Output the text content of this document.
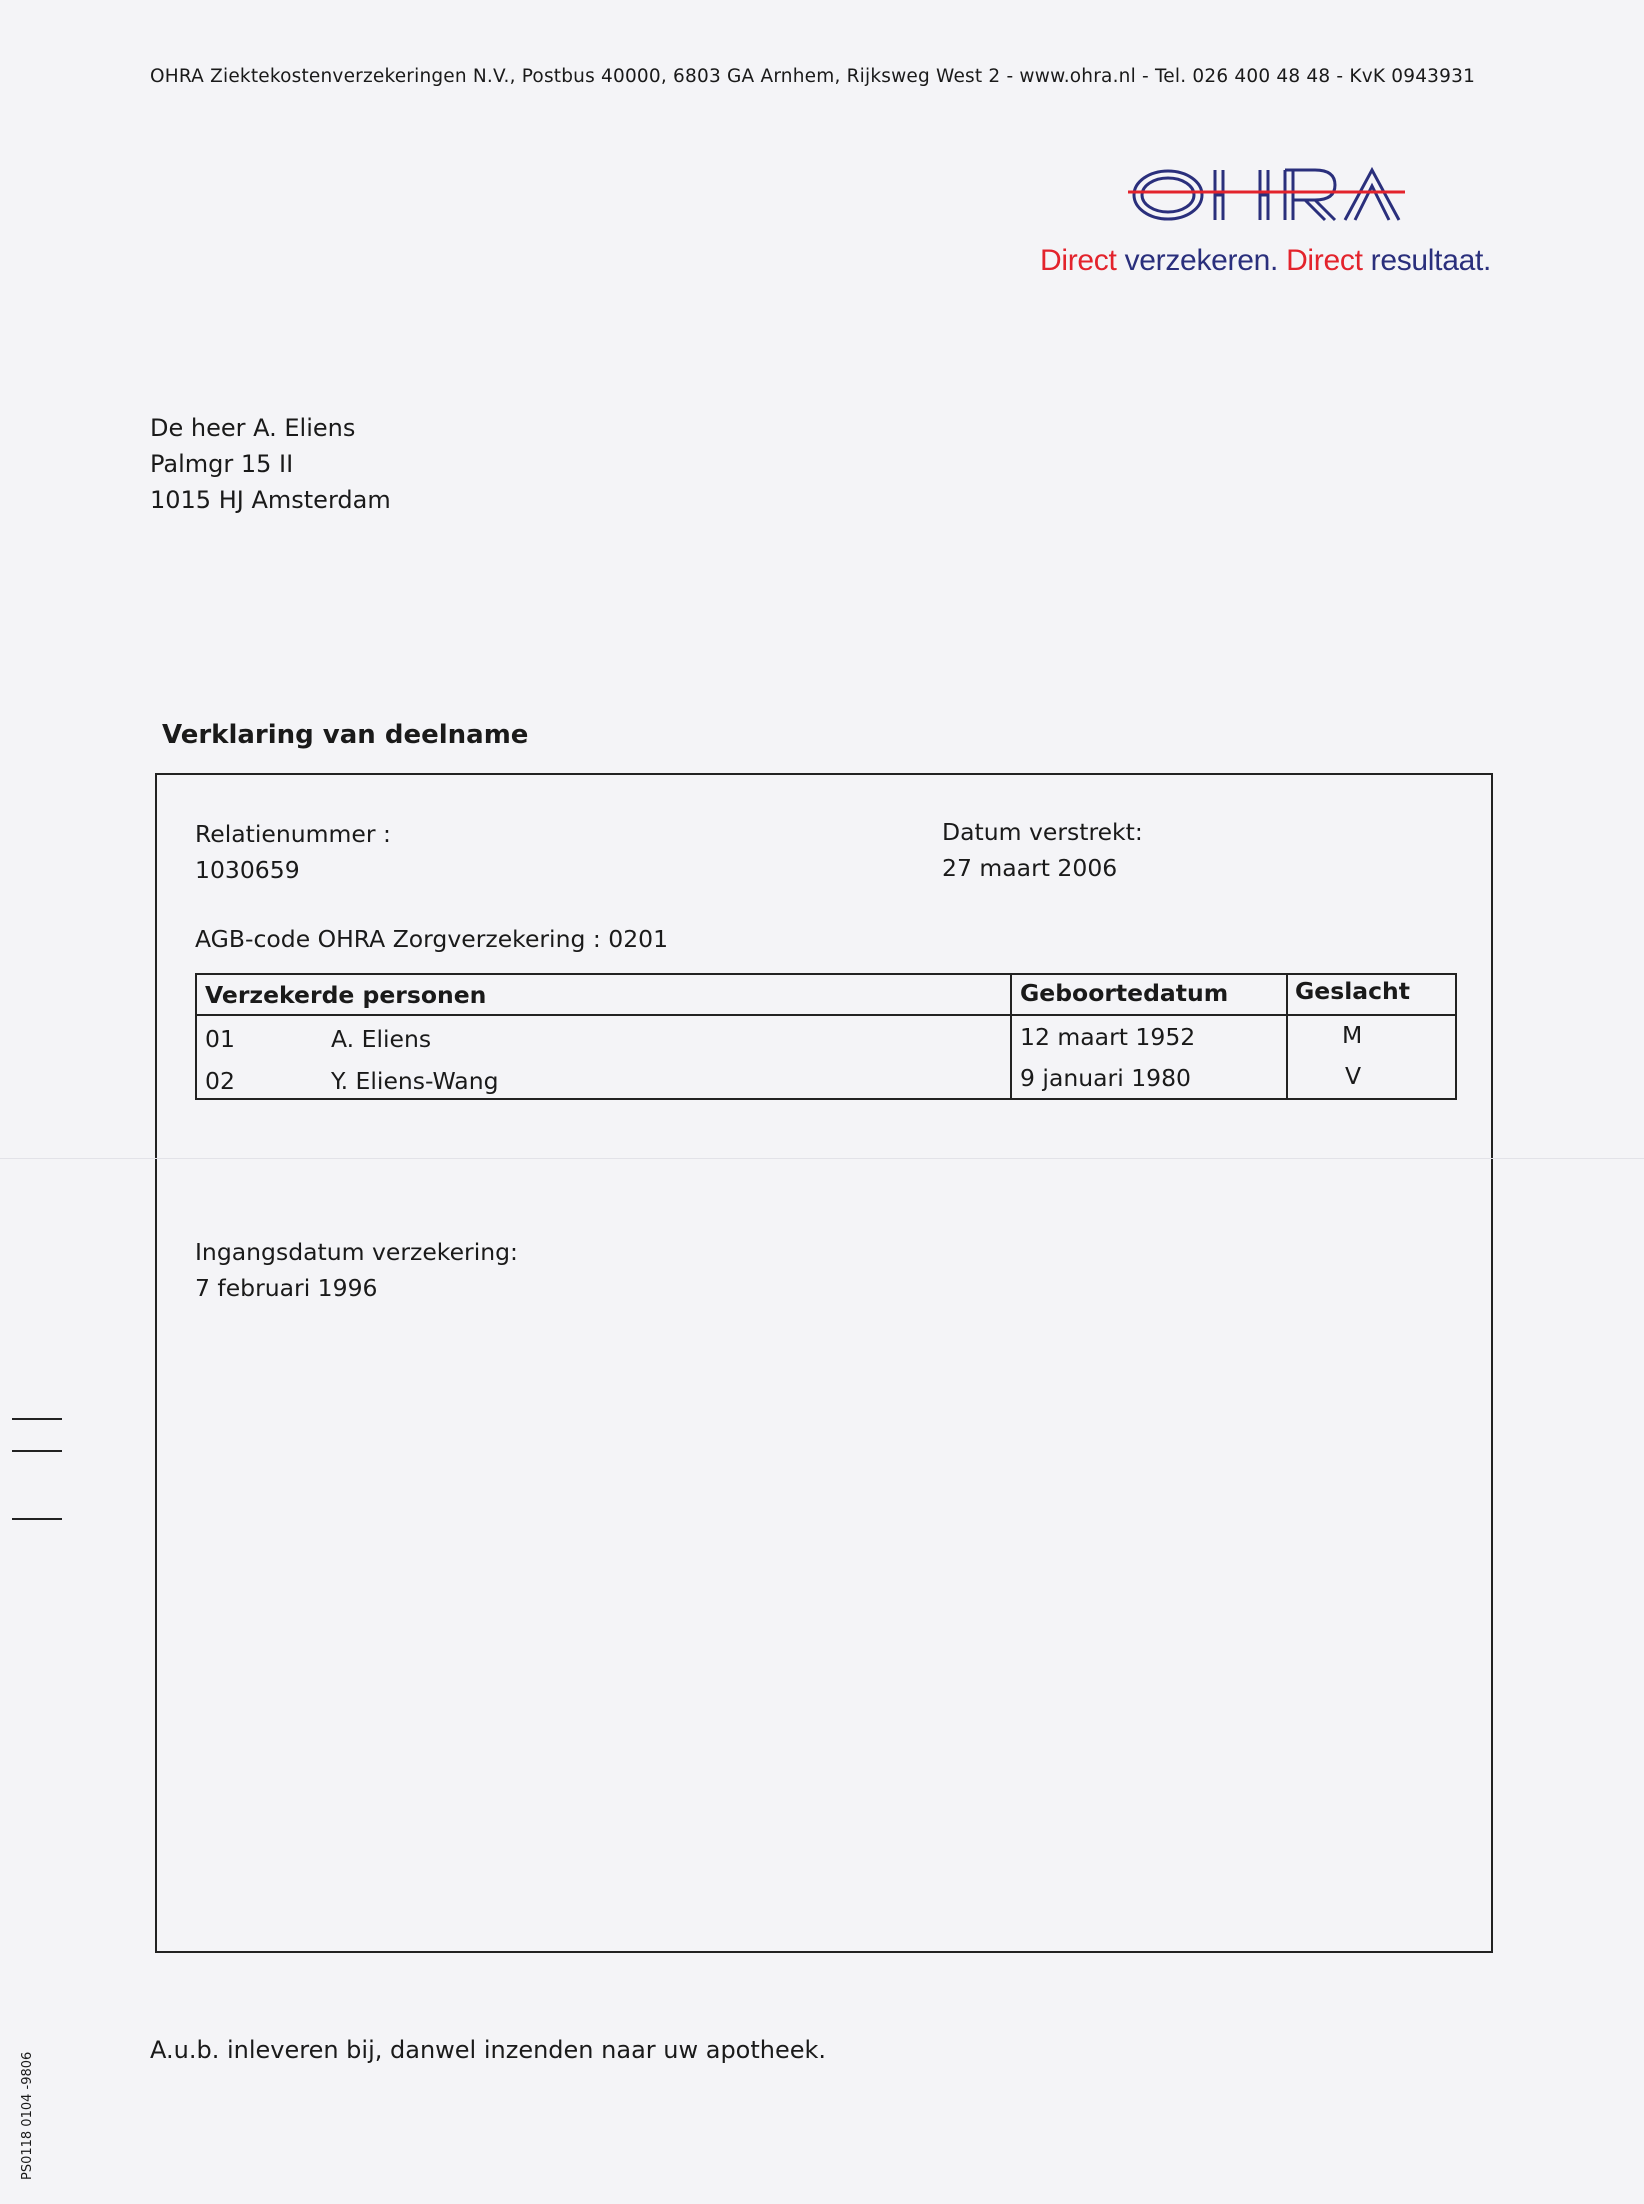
OHRA Ziektekostenverzekeringen N.V., Postbus 40000, 6803 GA Arnhem, Rijksweg West 2 - www.ohra.nl - Tel. 026 400 48 48 - KvK 0943931
Direct verzekeren. Direct resultaat.
De heer A. Eliens
Palmgr 15 II
1015 HJ Amsterdam
Verklaring van deelname
Relatienummer :
1030659
Datum verstrekt:
27 maart 2006
AGB-code OHRA Zorgverzekering : 0201
Verzekerde personen	Geboortedatum	Geslacht
01	A. Eliens	12 maart 1952	M
02	Y. Eliens-Wang	9 januari 1980	V
Ingangsdatum verzekering:
7 februari 1996
A.u.b. inleveren bij, danwel inzenden naar uw apotheek.
PS0118 0104 -9806
